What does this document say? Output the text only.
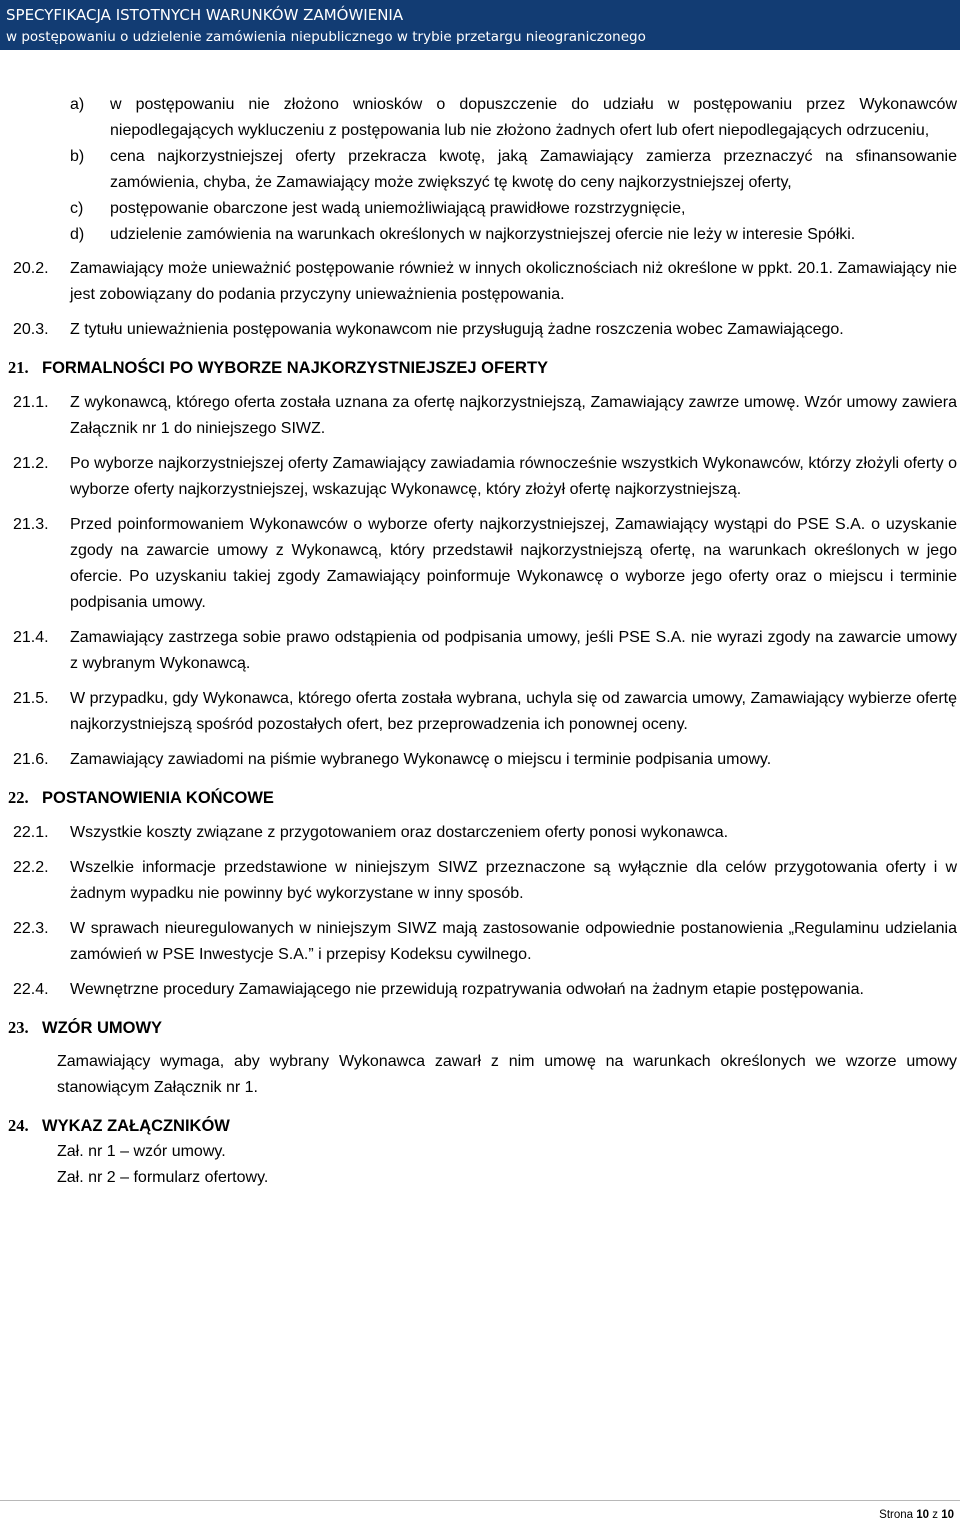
SPECYFIKACJA ISTOTNYCH WARUNKÓW ZAMÓWIENIA
w postępowaniu o udzielenie zamówienia niepublicznego w trybie przetargu nieograniczonego
a)	w postępowaniu nie złożono wniosków o dopuszczenie do udziału w postępowaniu przez Wykonawców niepodlegających wykluczeniu z postępowania lub nie złożono żadnych ofert lub ofert niepodlegających odrzuceniu,
b)	cena najkorzystniejszej oferty przekracza kwotę, jaką Zamawiający zamierza przeznaczyć na sfinansowanie zamówienia, chyba, że Zamawiający może zwiększyć tę kwotę do ceny najkorzystniejszej oferty,
c)	postępowanie obarczone jest wadą uniemożliwiającą prawidłowe rozstrzygnięcie,
d)	udzielenie zamówienia na warunkach określonych w najkorzystniejszej ofercie nie leży w interesie Spółki.
20.2.	Zamawiający może unieważnić postępowanie również w innych okolicznościach niż określone w ppkt. 20.1. Zamawiający nie jest zobowiązany do podania przyczyny unieważnienia postępowania.
20.3.	Z tytułu unieważnienia postępowania wykonawcom nie przysługują żadne roszczenia wobec Zamawiającego.
21. FORMALNOŚCI PO WYBORZE NAJKORZYSTNIEJSZEJ OFERTY
21.1.	Z wykonawcą, którego oferta została uznana za ofertę najkorzystniejszą, Zamawiający zawrze umowę. Wzór umowy zawiera Załącznik nr 1 do niniejszego SIWZ.
21.2.	Po wyborze najkorzystniejszej oferty Zamawiający zawiadamia równocześnie wszystkich Wykonawców, którzy złożyli oferty o wyborze oferty najkorzystniejszej, wskazując Wykonawcę, który złożył ofertę najkorzystniejszą.
21.3.	Przed poinformowaniem Wykonawców o wyborze oferty najkorzystniejszej, Zamawiający wystąpi do PSE S.A. o uzyskanie zgody na zawarcie umowy z Wykonawcą, który przedstawił najkorzystniejszą ofertę, na warunkach określonych w jego ofercie. Po uzyskaniu takiej zgody Zamawiający poinformuje Wykonawcę o wyborze jego oferty oraz o miejscu i terminie podpisania umowy.
21.4.	Zamawiający zastrzega sobie prawo odstąpienia od podpisania umowy, jeśli PSE S.A. nie wyrazi zgody na zawarcie umowy z wybranym Wykonawcą.
21.5.	W przypadku, gdy Wykonawca, którego oferta została wybrana, uchyla się od zawarcia umowy, Zamawiający wybierze ofertę najkorzystniejszą spośród pozostałych ofert, bez przeprowadzenia ich ponownej oceny.
21.6.	Zamawiający zawiadomi na piśmie wybranego Wykonawcę o miejscu i terminie podpisania umowy.
22. POSTANOWIENIA KOŃCOWE
22.1.	Wszystkie koszty związane z przygotowaniem oraz dostarczeniem oferty ponosi wykonawca.
22.2.	Wszelkie informacje przedstawione w niniejszym SIWZ przeznaczone są wyłącznie dla celów przygotowania oferty i w żadnym wypadku nie powinny być wykorzystane w inny sposób.
22.3.	W sprawach nieuregulowanych w niniejszym SIWZ mają zastosowanie odpowiednie postanowienia „Regulaminu udzielania zamówień w PSE Inwestycje S.A.” i przepisy Kodeksu cywilnego.
22.4.	Wewnętrzne procedury Zamawiającego nie przewidują rozpatrywania odwołań na żadnym etapie postępowania.
23. WZÓR UMOWY
Zamawiający wymaga, aby wybrany Wykonawca zawarł z nim umowę na warunkach określonych we wzorze umowy stanowiącym Załącznik nr 1.
24. WYKAZ ZAŁĄCZNIKÓW
Zał. nr 1 – wzór umowy.
Zał. nr 2 – formularz ofertowy.
Strona 10 z 10
